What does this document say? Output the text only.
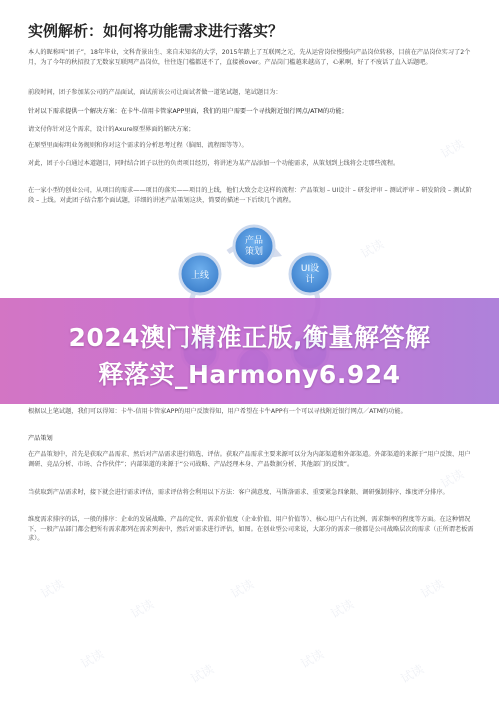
实例解析：如何将功能需求进行落实？
本人的昵称叫“团子”，18年毕业，文科背景出生、来自末知名的大学，2015年踏上了互联网之元，先从运营岗位慢慢向产品岗位转移，目前在产品岗位实习了2个月，为了今年的秋招投了无数家互联网产品岗位，往往连门槛都迸不了，直接被over。产品岗门槛越来越高了，心累啊，好了不废话了直入话题吧。
前段时间，团子参加某公司的产品面试，面试前该公司让面试者做一道笔试题，笔试题目为：
针对以下需求提供一个解决方案：在卡牛-信用卡管家APP里面，我们的用户需要一个寻找附近银行网点/ATM的功能；
请文付你针对这个需求，设计的Axure原型界面的解决方案；
在原型里面标明业务规则和你对这个需求的分析思考过程（脑图、流程图等等）。
对此，团子小白通过本道题目，同时结合团子以往的负责项目经历，将讲述为某产品添加一个功能需求，从策划到上线将会走那些流程。
在一家小型的创业公司，从项目的需求——项目的落实——项目的上线，他们大致会走这样的流程：产品策划 – UI设计 – 研发评审 – 测试评审 – 研发阶段 – 测试阶段 – 上线。对此团子结合那个面试题，详细的讲述产品策划这块，简要的描述一下后续几个流程。
产品
策划
UI设
计
上线
2024澳门精准正版,衡量解答解
释落实_Harmony6.924
根据以上笔试题，我们可以得知：卡牛-信用卡管家APP的用户反馈得知，用户希望在卡牛APP有一个可以寻找附近银行网点／ATM的功能。
产品策划
在产品策划中，首先是获取产品需求、然后对产品需求进行筛选、评估。获取产品需求主要来源可以分为内部渠道和外部渠道。外部渠道的来源于“用户反馈、用户调研、竞品分析、市场、合作伙伴”；内部渠道的来源于“公司战略、产品经理本身、产品数据分析、其他部门的反馈”。
当获取到产品需求时，接下就会进行需求评估，需求评估将会利用以下方法：客户满意度、马斯洛需求、重要紧急四象限、调研强制排序、维度评分排序。
维度需求排序的话，一般的排序：企业的发展战略、产品的定位、需求价值度（企业价值、用户价值等）、核心用户占有比例、需求频率的程度等方面。在这种情况下，一般产品部门都会把所有需求都列在需求列表中，然后对需求进行评估，如图。在创业型公司来说，大部分的需求一般都是公司战略层次的需求（正所谓老板需求）。
试读
试读
试读
试读
试读
试读
试读
试读
试读
试读
试读
试读
